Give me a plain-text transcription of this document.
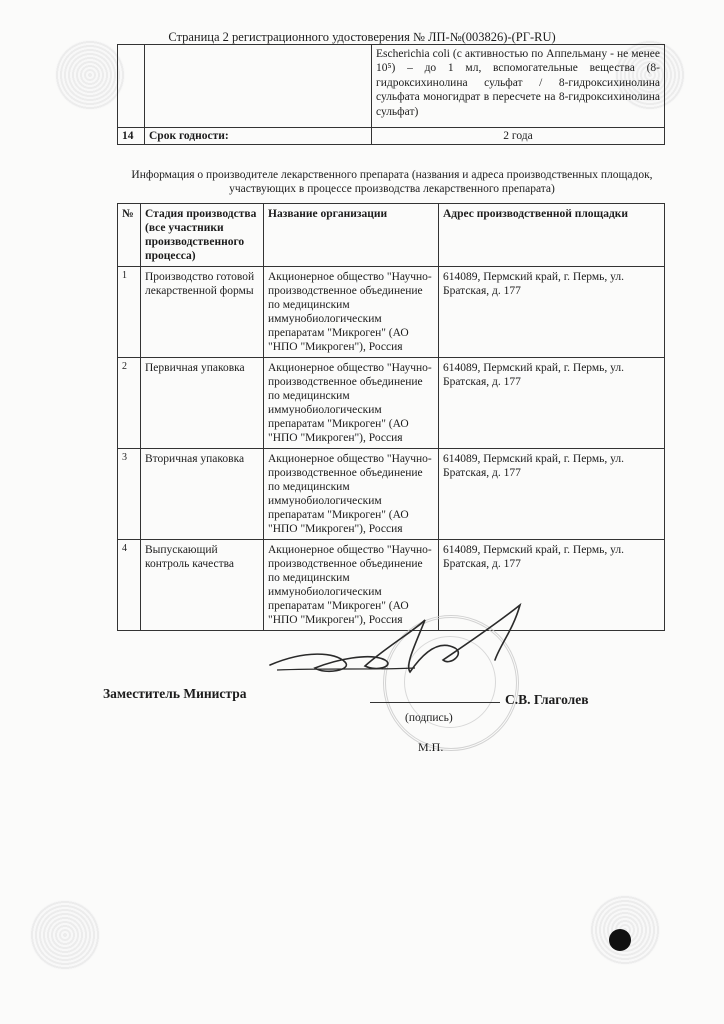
Страница 2 регистрационного удостоверения № ЛП-№(003826)-(РГ-RU)
		Escherichia coli (с активностью по Аппельману - не менее 10⁵) – до 1 мл, вспомогательные вещества (8-гидроксихинолина сульфат / 8-гидроксихинолина сульфата моногидрат в пересчете на 8-гидроксихинолина сульфат)
14	Срок годности:	2 года
Информация о производителе лекарственного препарата (названия и адреса производственных площадок, участвующих в процессе производства лекарственного препарата)
№	Стадия производства (все участники производственного процесса)	Название организации	Адрес производственной площадки
1	Производство готовой лекарственной формы	Акционерное общество "Научно-производственное объединение по медицинским иммунобиологическим препаратам "Микроген" (АО "НПО "Микроген"), Россия	614089, Пермский край, г. Пермь, ул. Братская, д. 177
2	Первичная упаковка	Акционерное общество "Научно-производственное объединение по медицинским иммунобиологическим препаратам "Микроген" (АО "НПО "Микроген"), Россия	614089, Пермский край, г. Пермь, ул. Братская, д. 177
3	Вторичная упаковка	Акционерное общество "Научно-производственное объединение по медицинским иммунобиологическим препаратам "Микроген" (АО "НПО "Микроген"), Россия	614089, Пермский край, г. Пермь, ул. Братская, д. 177
4	Выпускающий контроль качества	Акционерное общество "Научно-производственное объединение по медицинским иммунобиологическим препаратам "Микроген" (АО "НПО "Микроген"), Россия	614089, Пермский край, г. Пермь, ул. Братская, д. 177
Заместитель Министра	С.В. Глаголев
(подпись)
М.П.
